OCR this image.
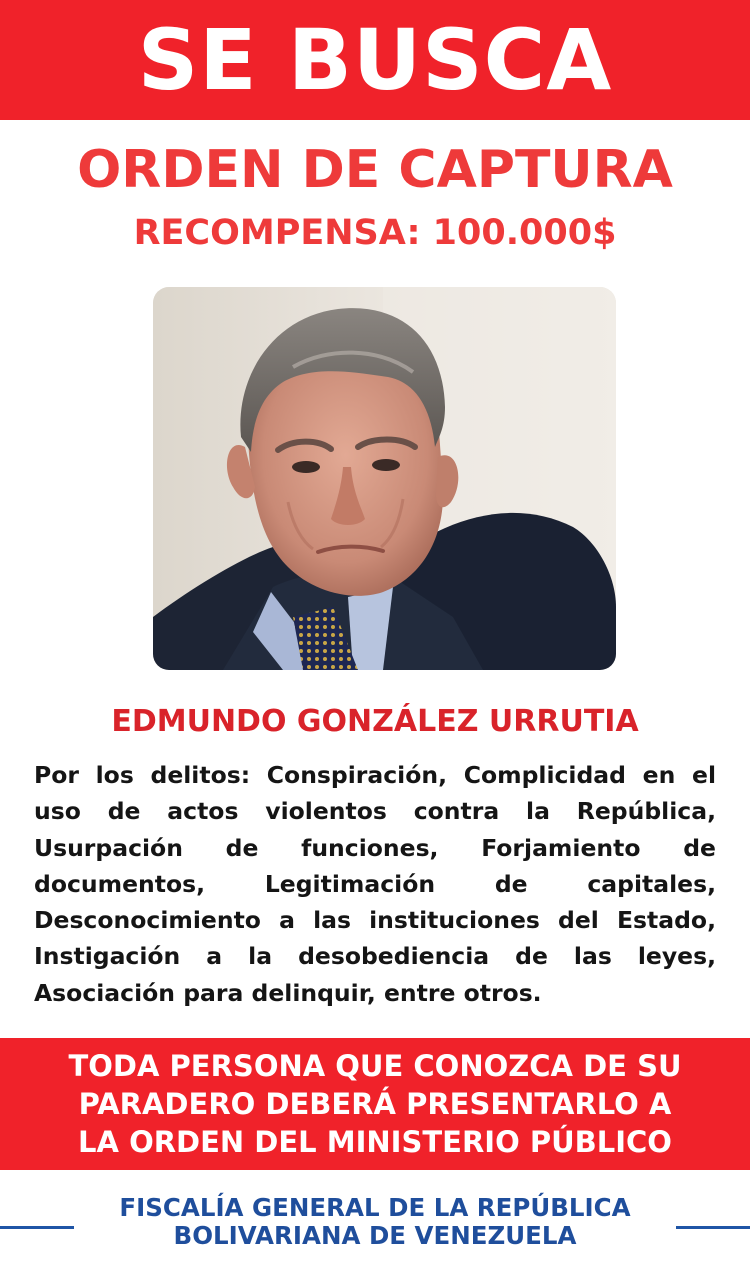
SE BUSCA
ORDEN DE CAPTURA
RECOMPENSA: 100.000$
EDMUNDO GONZÁLEZ URRUTIA
Por los delitos: Conspiración, Complicidad en el uso de actos violentos contra la República, Usurpación de funciones, Forjamiento de documentos, Legitimación de capitales, Desconocimiento a las instituciones del Estado, Instigación a la desobediencia de las leyes, Asociación para delinquir, entre otros.
TODA PERSONA QUE CONOZCA DE SU
PARADERO DEBERÁ PRESENTARLO A
LA ORDEN DEL MINISTERIO PÚBLICO
FISCALÍA GENERAL DE LA REPÚBLICA
BOLIVARIANA DE VENEZUELA
